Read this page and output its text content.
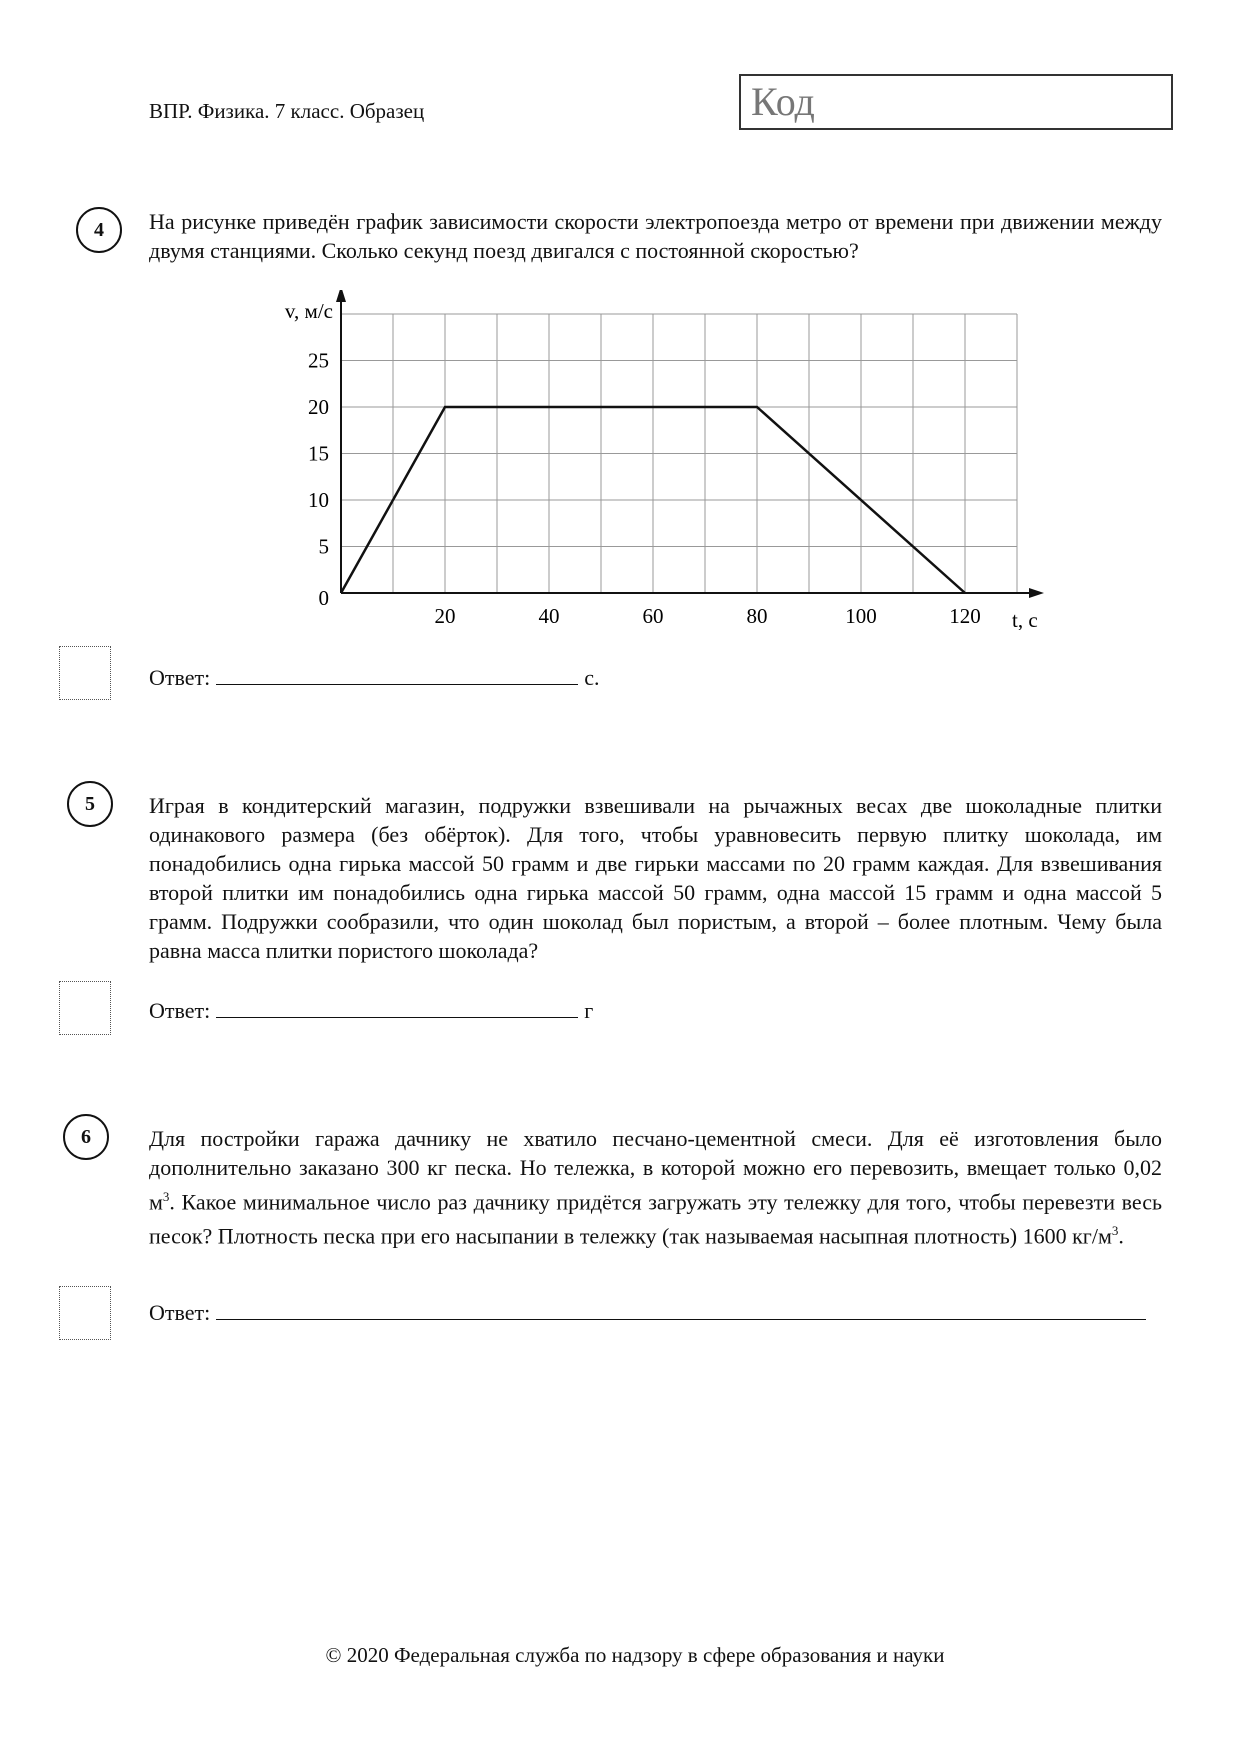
ВПР. Физика. 7 класс. Образец	Код
4	На рисунке приведён график зависимости скорости электропоезда метро от времени при движении между двумя станциями. Сколько секунд поезд двигался с постоянной скоростью?
20	40	60	80	100	120
0
5
10
15
20
25
v, м/с
t, с
Ответ:	с.
5	Играя в кондитерский магазин, подружки взвешивали на рычажных весах две шоколадные плитки одинакового размера (без обёрток). Для того, чтобы уравновесить первую плитку шоколада, им понадобились одна гирька массой 50 грамм и две гирьки массами по 20 грамм каждая. Для взвешивания второй плитки им понадобились одна гирька массой 50 грамм, одна массой 15 грамм и одна массой 5 грамм. Подружки сообразили, что один шоколад был пористым, а второй – более плотным. Чему была равна масса плитки пористого шоколада?
Ответ:	г
6	Для постройки гаража дачнику не хватило песчано-цементной смеси. Для её изготовления было дополнительно заказано 300 кг песка. Но тележка, в которой можно его перевозить, вмещает только 0,02 $м^3$. Какое минимальное число раз дачнику придётся загружать эту тележку для того, чтобы перевезти весь песок? Плотность песка при его насыпании в тележку (так называемая насыпная плотность) 1600 $кг/м^3$.
Ответ:
© 2020 Федеральная служба по надзору в сфере образования и науки
